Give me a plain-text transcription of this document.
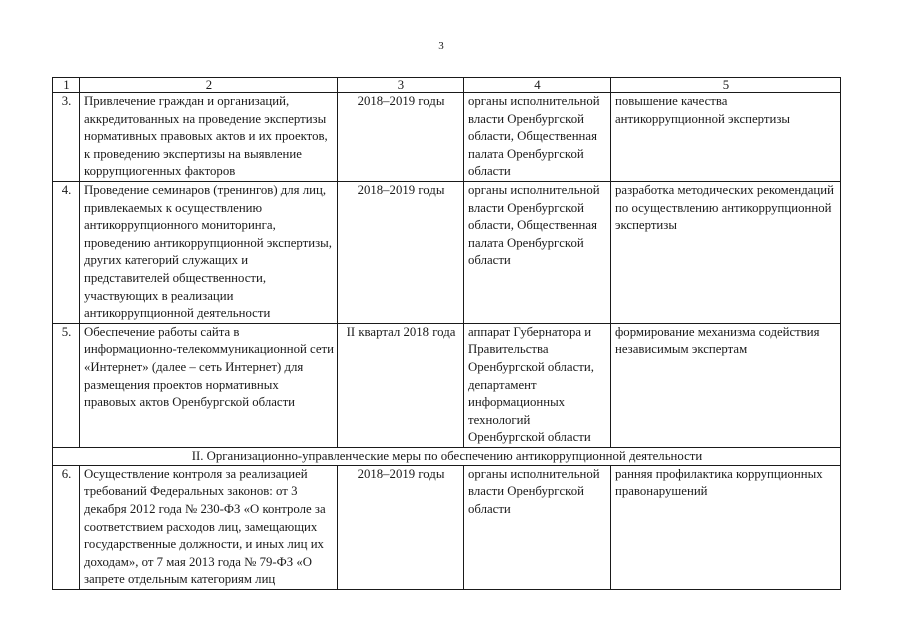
3
1	2	3	4	5
3.	Привлечение граждан и организаций, аккредитованных на проведение экспертизы нормативных правовых актов и их проектов, к проведению экспертизы на выявление коррупциогенных факторов	2018–2019 годы	органы исполнительной власти Оренбургской области, Общественная палата Оренбургской области	повышение качества антикоррупционной экспертизы
4.	Проведение семинаров (тренингов) для лиц, привлекаемых к осуществлению антикоррупционного мониторинга, проведению антикоррупционной экспертизы, других категорий служащих и представителей общественности, участвующих в реализации антикоррупционной деятельности	2018–2019 годы	органы исполнительной власти Оренбургской области, Общественная палата Оренбургской области	разработка методических рекомендаций по осуществлению антикоррупционной экспертизы
5.	Обеспечение работы сайта в информационно-телекоммуникационной сети «Интернет» (далее – сеть Интернет) для размещения проектов нормативных правовых актов Оренбургской области	II квартал 2018 года	аппарат Губернатора и Правительства Оренбургской области, департамент информационных технологий Оренбургской области	формирование механизма содействия независимым экспертам
II. Организационно-управленческие меры по обеспечению антикоррупционной деятельности				
6.	Осуществление контроля за реализацией требований Федеральных законов: от 3 декабря 2012 года № 230-ФЗ «О контроле за соответствием расходов лиц, замещающих государственные должности, и иных лиц их доходам», от 7 мая 2013 года № 79-ФЗ «О запрете отдельным категориям лиц	2018–2019 годы	органы исполнительной власти Оренбургской области	ранняя профилактика коррупционных правонарушений
